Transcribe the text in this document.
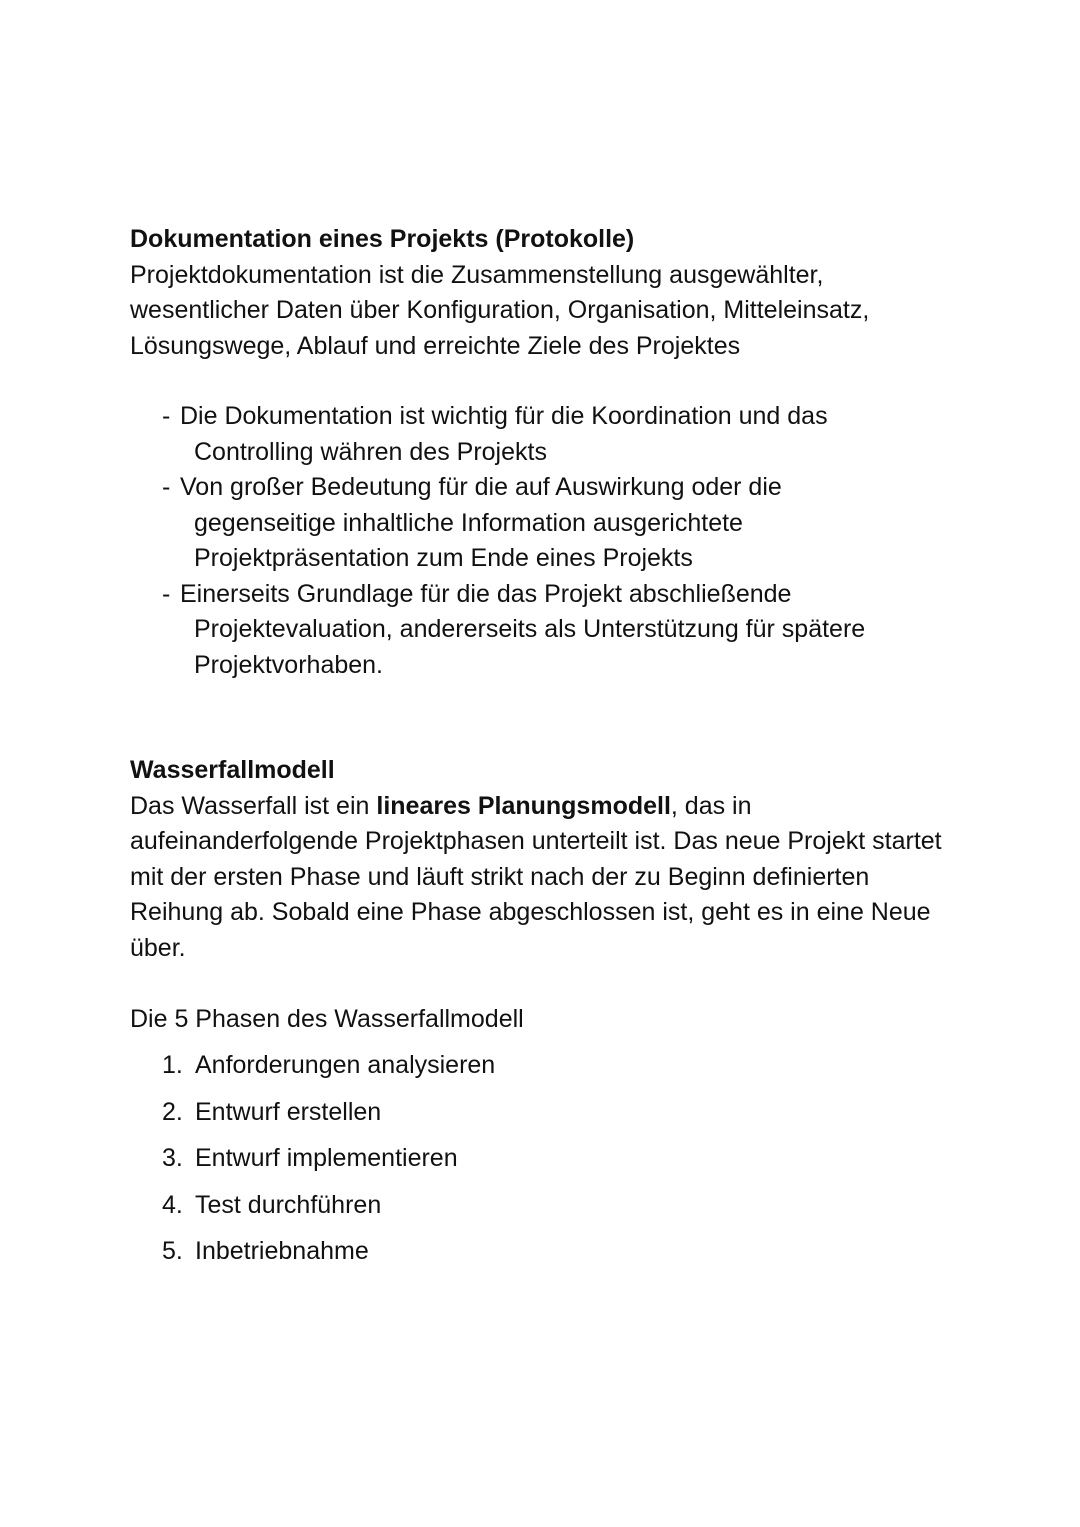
Dokumentation eines Projekts (Protokolle)

Projektdokumentation ist die Zusammenstellung ausgewählter, wesentlicher Daten über Konfiguration, Organisation, Mitteleinsatz, Lösungswege, Ablauf und erreichte Ziele des Projektes

- Die Dokumentation ist wichtig für die Koordination und das Controlling währen des Projekts

- Von großer Bedeutung für die auf Auswirkung oder die gegenseitige inhaltliche Information ausgerichtete Projektpräsentation zum Ende eines Projekts

- Einerseits Grundlage für die das Projekt abschließende Projektevaluation, andererseits als Unterstützung für spätere Projektvorhaben.

Wasserfallmodell

Das Wasserfall ist ein lineares Planungsmodell, das in aufeinanderfolgende Projektphasen unterteilt ist. Das neue Projekt startet mit der ersten Phase und läuft strikt nach der zu Beginn definierten Reihung ab. Sobald eine Phase abgeschlossen ist, geht es in eine Neue über.

Die 5 Phasen des Wasserfallmodell

1. Anforderungen analysieren
2. Entwurf erstellen
3. Entwurf implementieren
4. Test durchführen
5. Inbetriebnahme
